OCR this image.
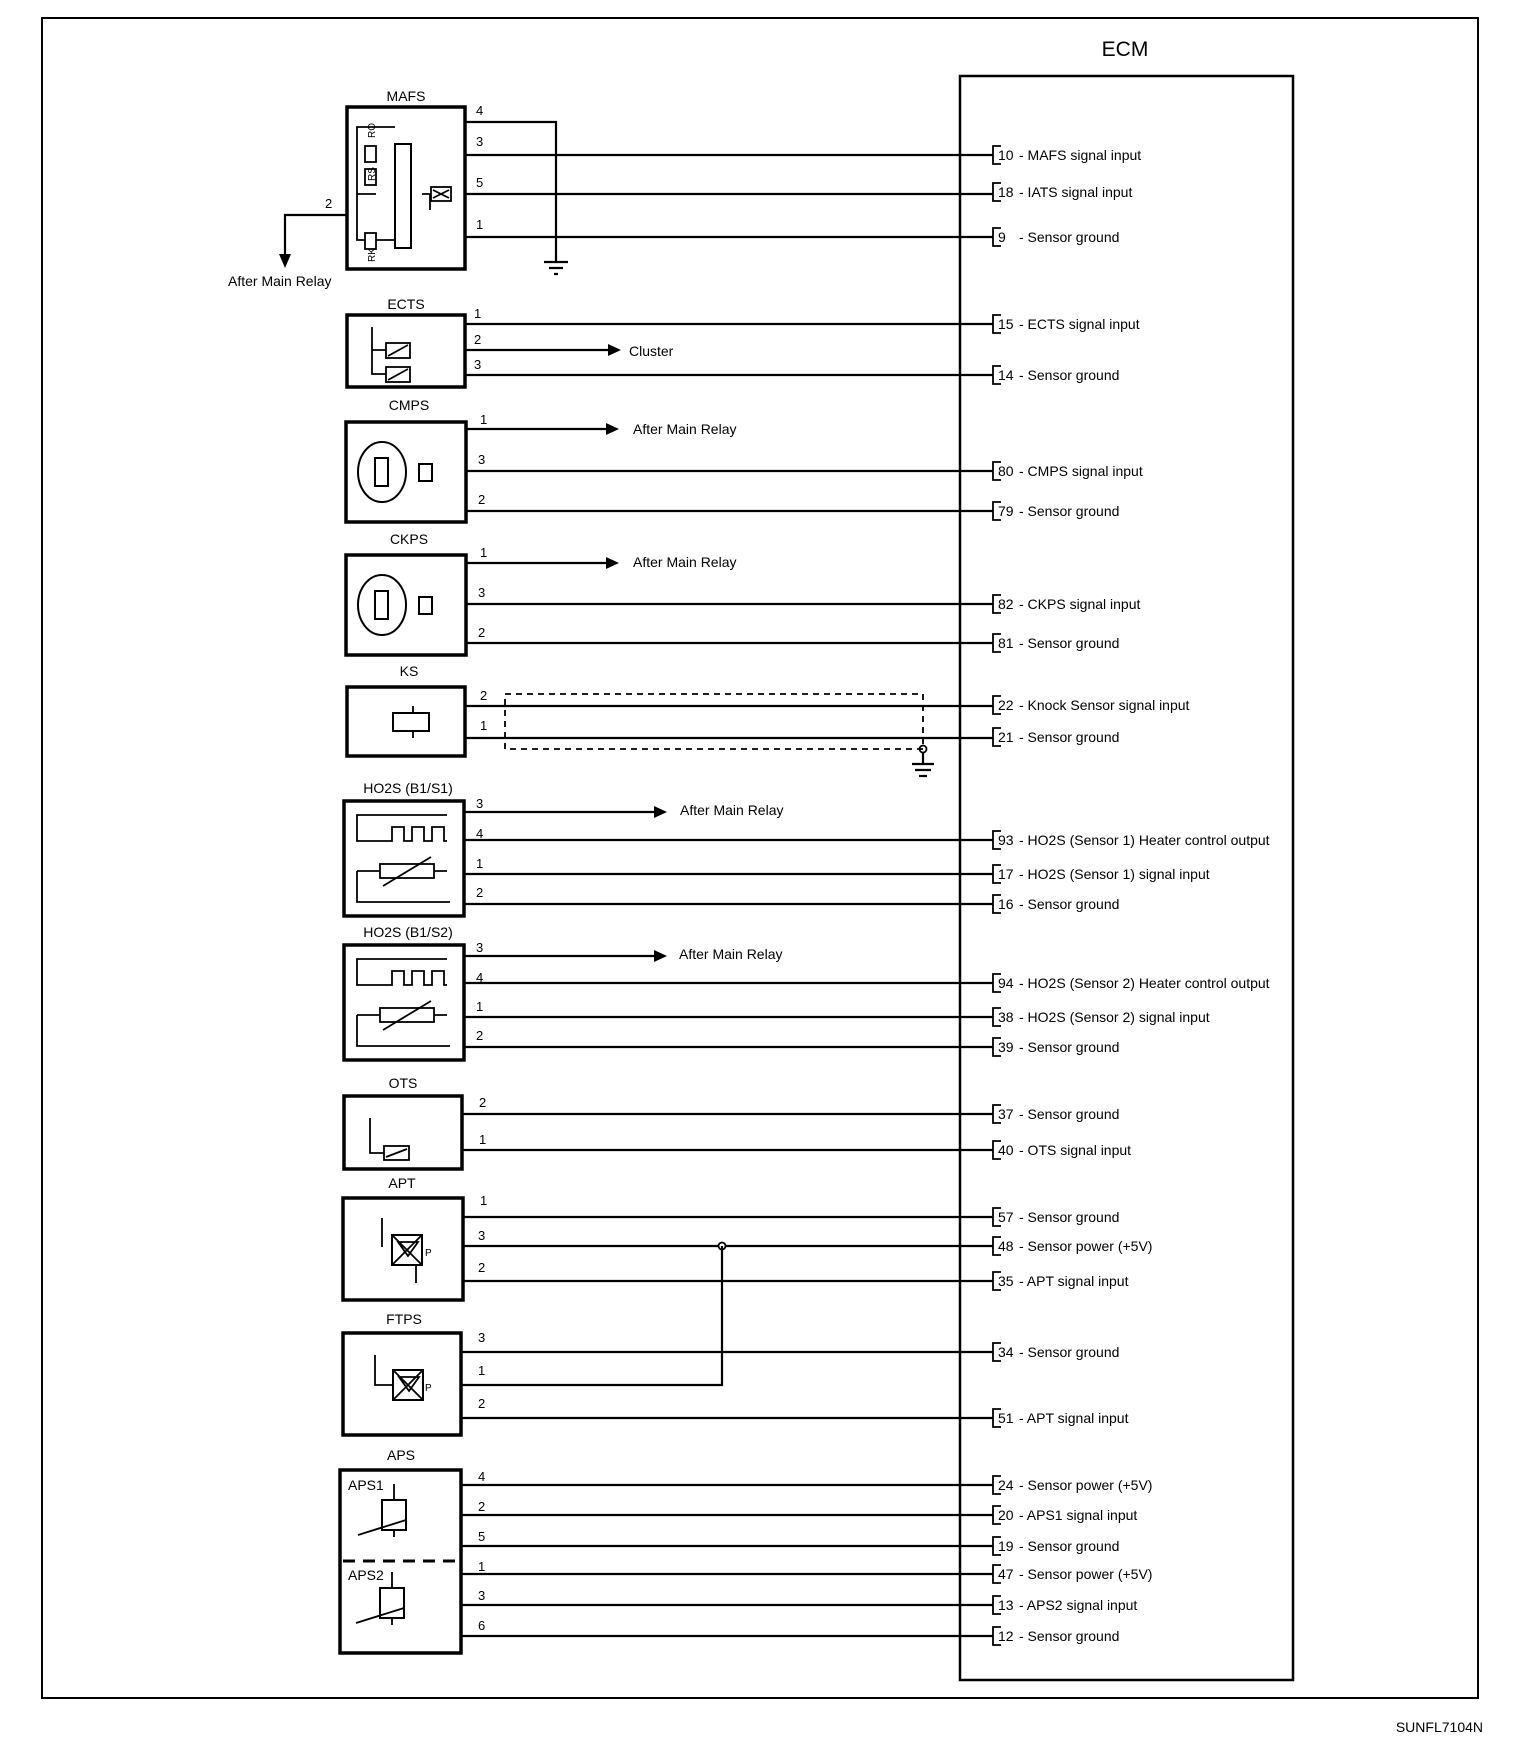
ECM
10 - MAFS signal input
18 - IATS signal input
9 - Sensor ground
15 - ECTS signal input
14 - Sensor ground
80 - CMPS signal input
79 - Sensor ground
82 - CKPS signal input
81 - Sensor ground
22 - Knock Sensor signal input
21 - Sensor ground
93 - HO2S (Sensor 1) Heater control output
17 - HO2S (Sensor 1) signal input
16 - Sensor ground
94 - HO2S (Sensor 2) Heater control output
38 - HO2S (Sensor 2) signal input
39 - Sensor ground
37 - Sensor ground
40 - OTS signal input
57 - Sensor ground
48 - Sensor power (+5V)
35 - APT signal input
34 - Sensor ground
51 - APT signal input
24 - Sensor power (+5V)
20 - APS1 signal input
19 - Sensor ground
47 - Sensor power (+5V)
13 - APS2 signal input
12 - Sensor ground
MAFS
RO
RS
RK
4
3
5
1
2
After Main Relay
ECTS
1
2
3
Cluster
CMPS
1
3
2
After Main Relay
CKPS
1
3
2
After Main Relay
KS
2
1
HO2S (B1/S1)
3
4
1
2
After Main Relay
HO2S (B1/S2)
3
4
1
2
After Main Relay
OTS
2
1
APT
P
1
3
2
FTPS
P
3
1
2
APS
APS1
APS2
4
2
5
1
3
6
SUNFL7104N
